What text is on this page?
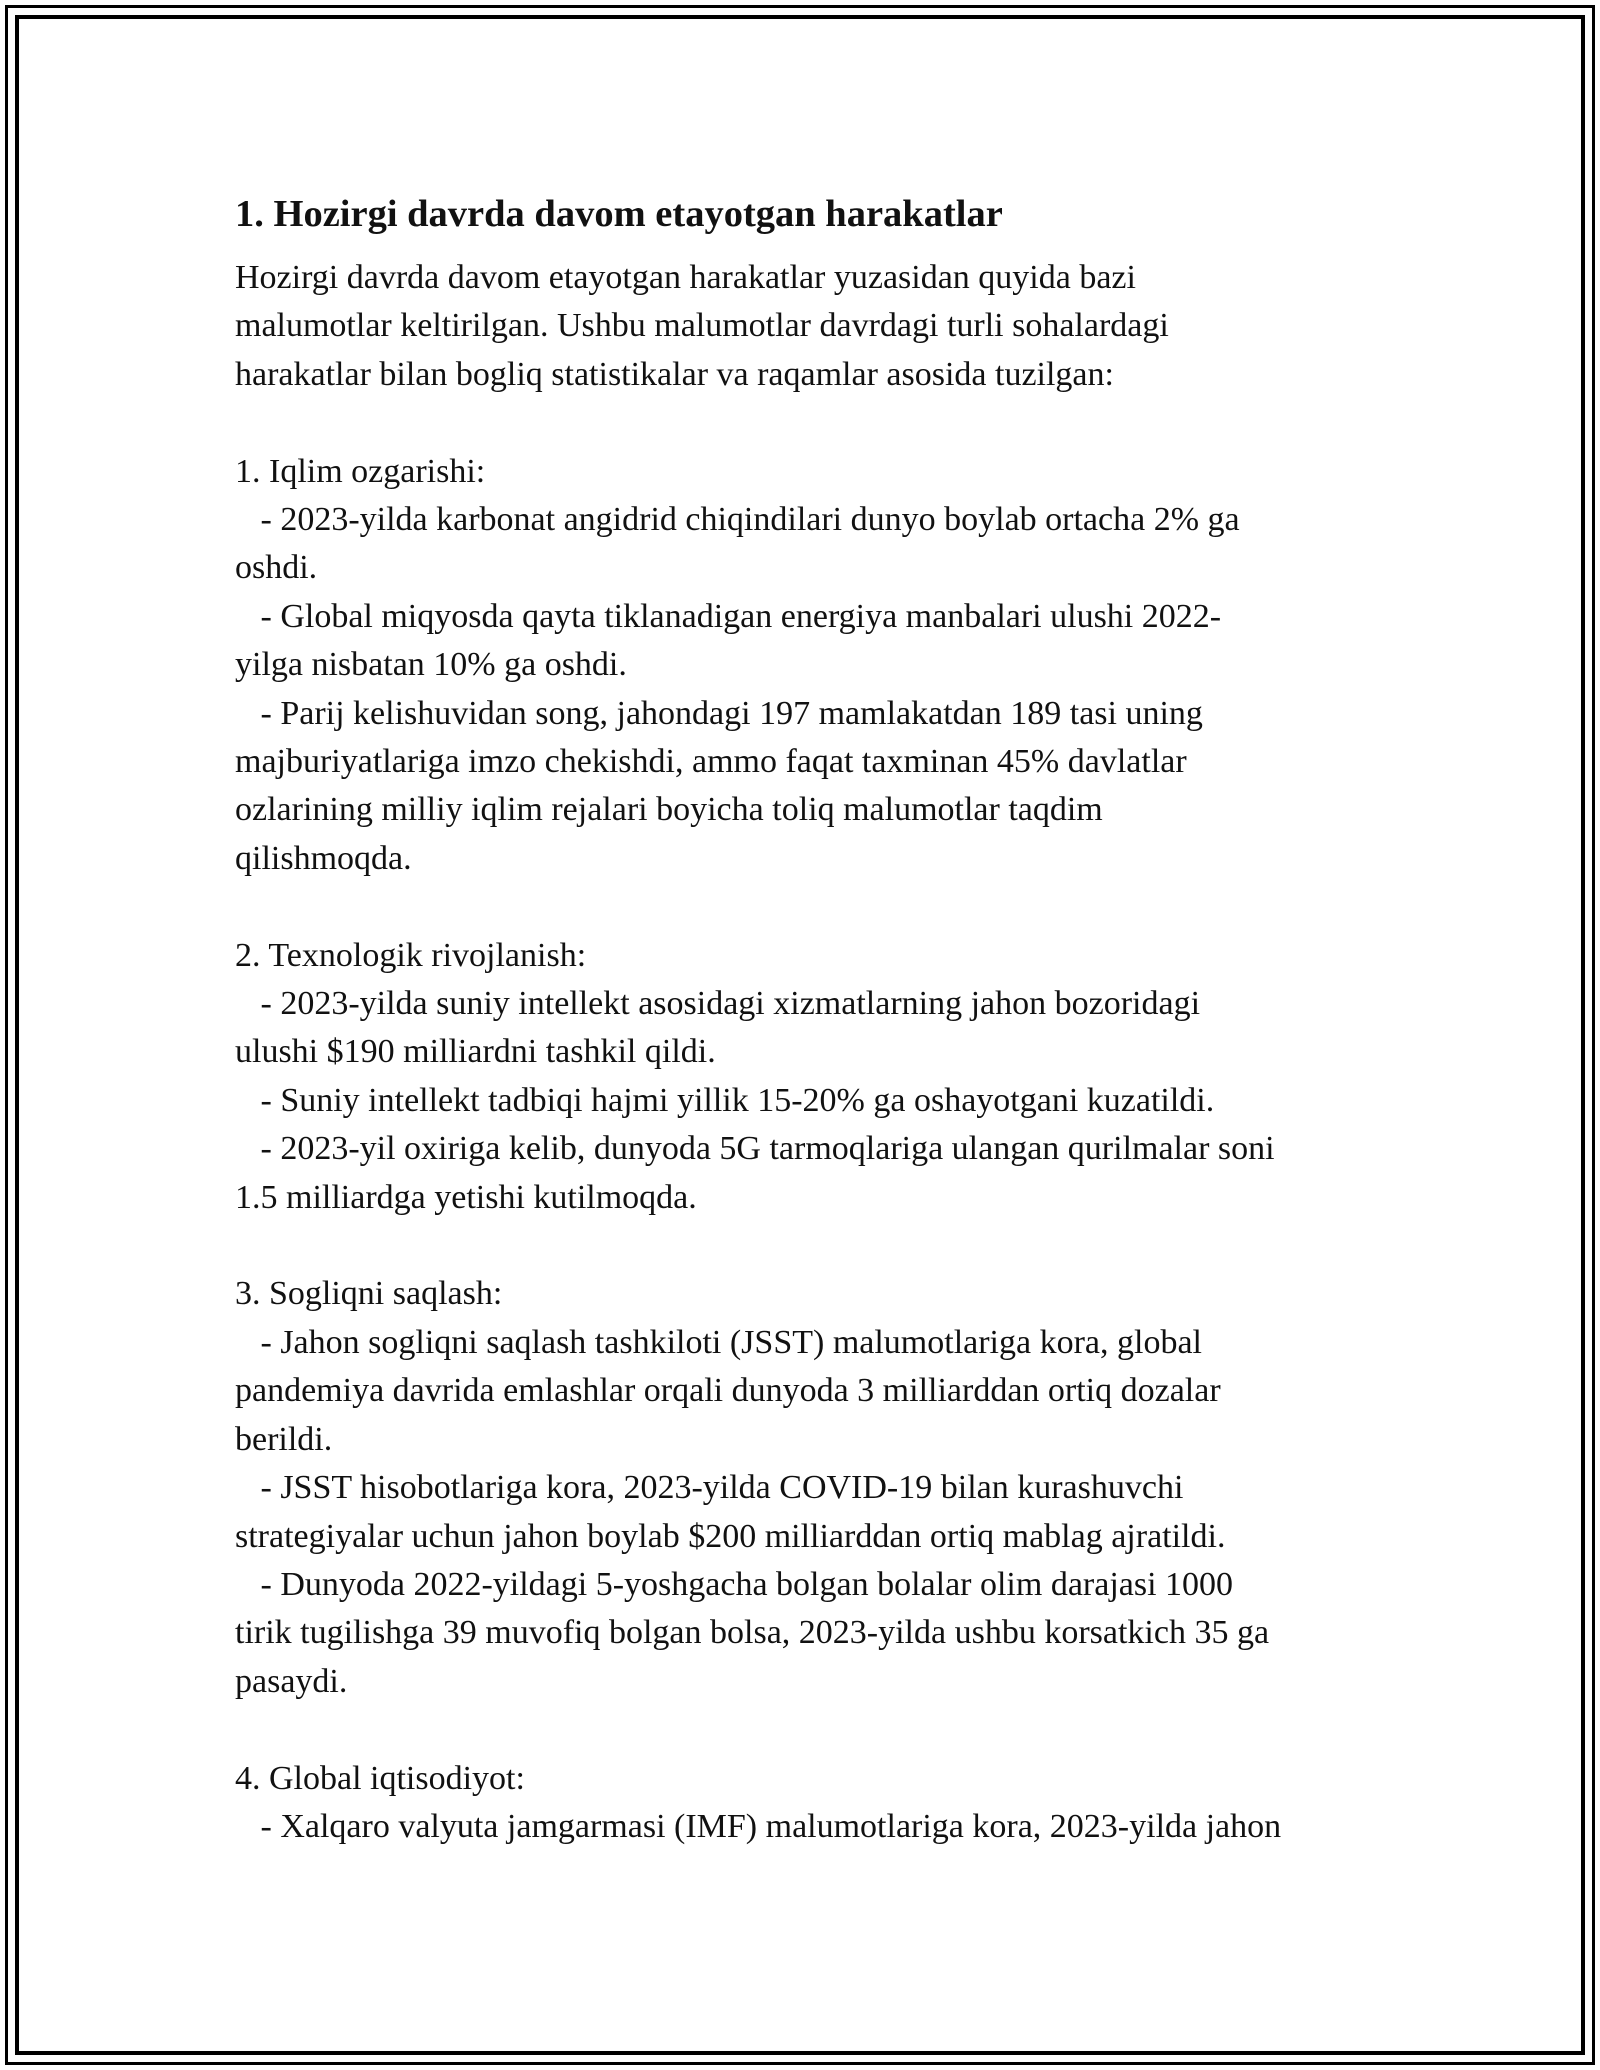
1. Hozirgi davrda davom etayotgan harakatlar
Hozirgi davrda davom etayotgan harakatlar yuzasidan quyida bazi
malumotlar keltirilgan. Ushbu malumotlar davrdagi turli sohalardagi
harakatlar bilan bogliq statistikalar va raqamlar asosida tuzilgan:
1. Iqlim ozgarishi:
- 2023-yilda karbonat angidrid chiqindilari dunyo boylab ortacha 2% ga
oshdi.
- Global miqyosda qayta tiklanadigan energiya manbalari ulushi 2022-
yilga nisbatan 10% ga oshdi.
- Parij kelishuvidan song, jahondagi 197 mamlakatdan 189 tasi uning
majburiyatlariga imzo chekishdi, ammo faqat taxminan 45% davlatlar
ozlarining milliy iqlim rejalari boyicha toliq malumotlar taqdim
qilishmoqda.
2. Texnologik rivojlanish:
- 2023-yilda suniy intellekt asosidagi xizmatlarning jahon bozoridagi
ulushi $190 milliardni tashkil qildi.
- Suniy intellekt tadbiqi hajmi yillik 15-20% ga oshayotgani kuzatildi.
- 2023-yil oxiriga kelib, dunyoda 5G tarmoqlariga ulangan qurilmalar soni
1.5 milliardga yetishi kutilmoqda.
3. Sogliqni saqlash:
- Jahon sogliqni saqlash tashkiloti (JSST) malumotlariga kora, global
pandemiya davrida emlashlar orqali dunyoda 3 milliarddan ortiq dozalar
berildi.
- JSST hisobotlariga kora, 2023-yilda COVID-19 bilan kurashuvchi
strategiyalar uchun jahon boylab $200 milliarddan ortiq mablag ajratildi.
- Dunyoda 2022-yildagi 5-yoshgacha bolgan bolalar olim darajasi 1000
tirik tugilishga 39 muvofiq bolgan bolsa, 2023-yilda ushbu korsatkich 35 ga
pasaydi.
4. Global iqtisodiyot:
- Xalqaro valyuta jamgarmasi (IMF) malumotlariga kora, 2023-yilda jahon
